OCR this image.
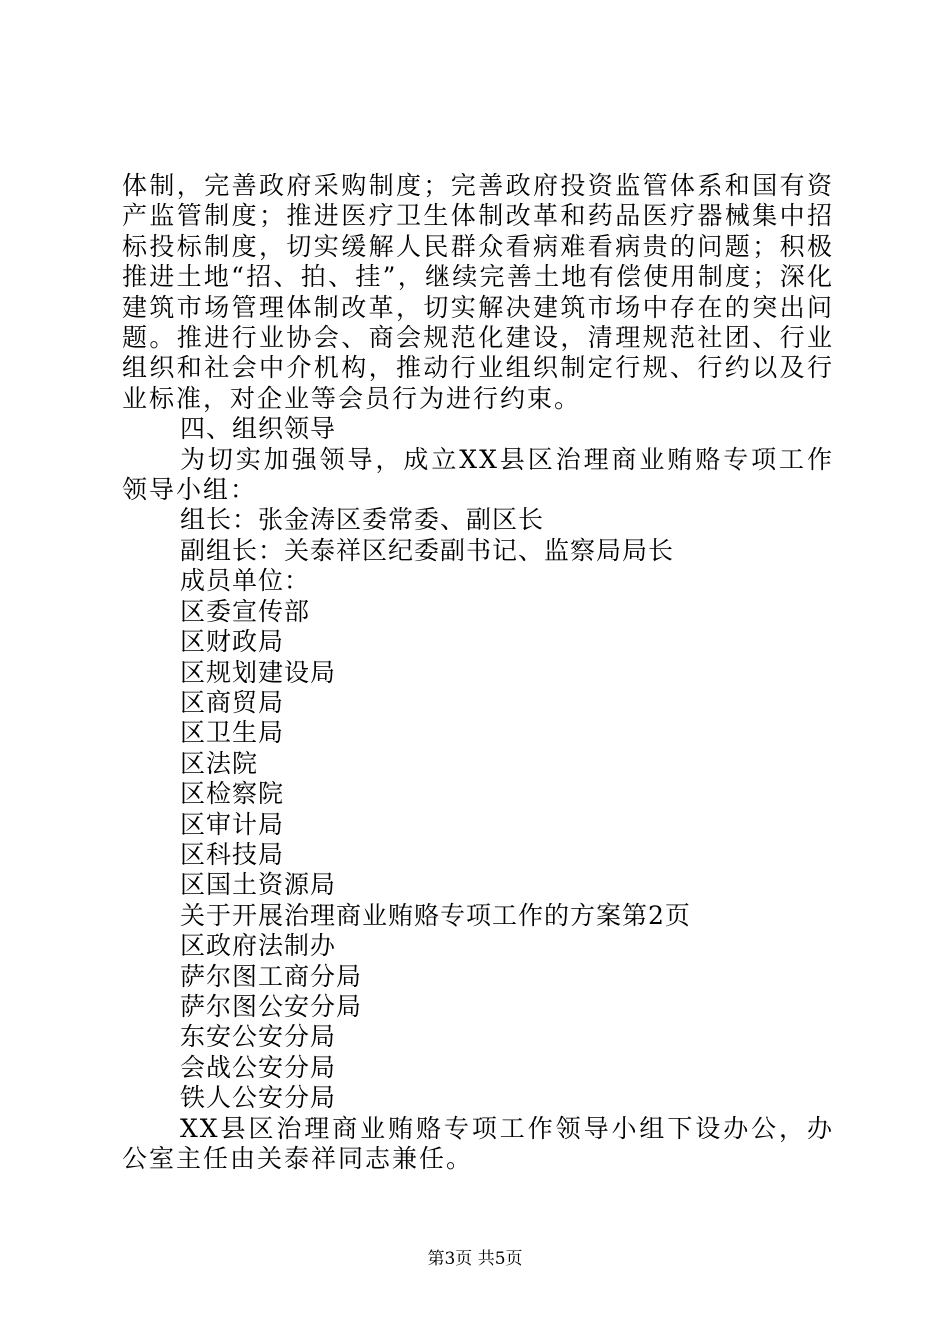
体制，完善政府采购制度；完善政府投资监管体系和国有资产监管制度；推进医疗卫生体制改革和药品医疗器械集中招标投标制度，切实缓解人民群众看病难看病贵的问题；积极推进土地“招、拍、挂”，继续完善土地有偿使用制度；深化建筑市场管理体制改革，切实解决建筑市场中存在的突出问题。推进行业协会、商会规范化建设，清理规范社团、行业组织和社会中介机构，推动行业组织制定行规、行约以及行业标准，对企业等会员行为进行约束。

四、组织领导

为切实加强领导，成立XX县区治理商业贿赂专项工作领导小组：

组长：张金涛区委常委、副区长

副组长：关泰祥区纪委副书记、监察局局长

成员单位：

区委宣传部

区财政局

区规划建设局

区商贸局

区卫生局

区法院

区检察院

区审计局

区科技局

区国土资源局

关于开展治理商业贿赂专项工作的方案第2页

区政府法制办

萨尔图工商分局

萨尔图公安分局

东安公安分局

会战公安分局

铁人公安分局

XX县区治理商业贿赂专项工作领导小组下设办公，办公室主任由关泰祥同志兼任。

第3页 共5页
